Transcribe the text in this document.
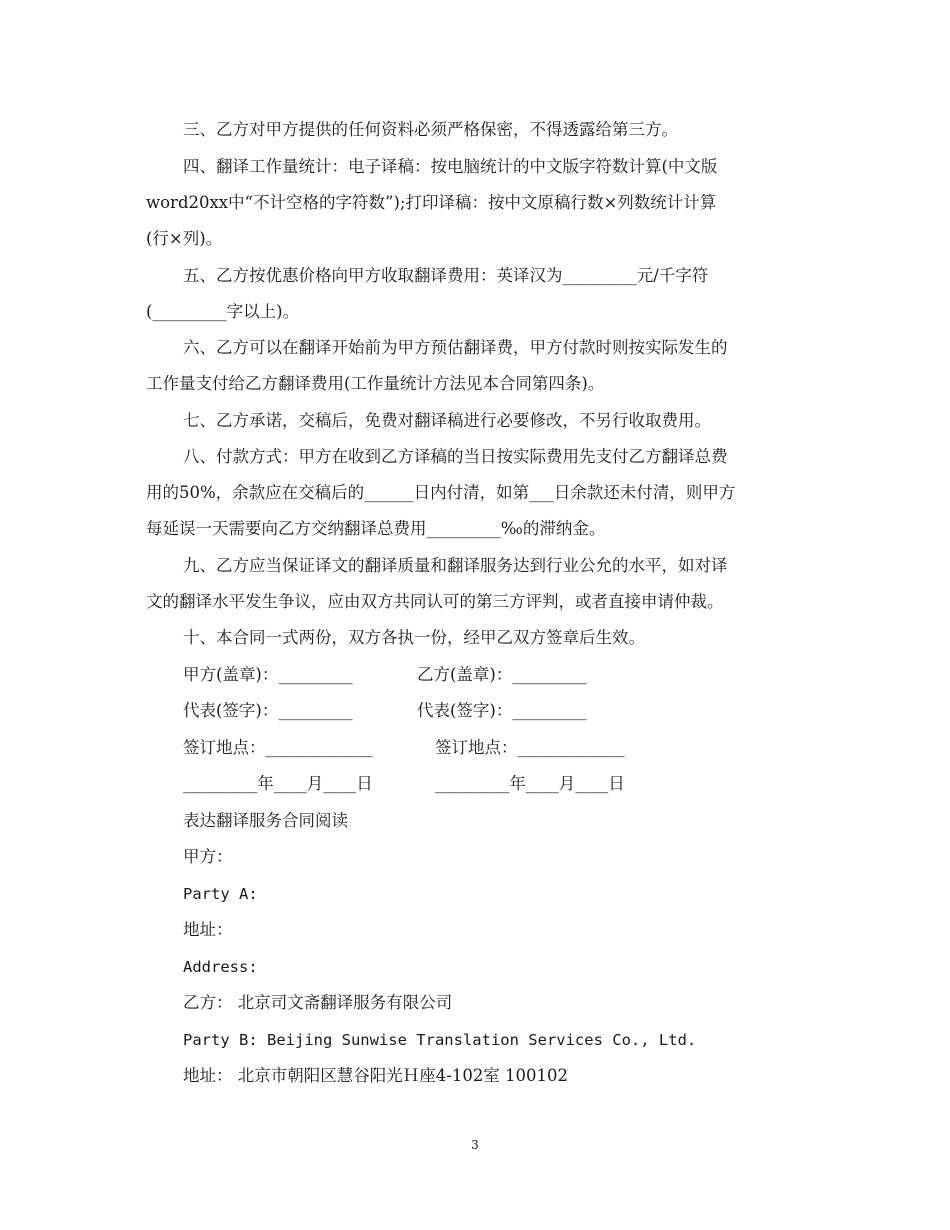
三、乙方对甲方提供的任何资料必须严格保密，不得透露给第三方。
四、翻译工作量统计：电子译稿：按电脑统计的中文版字符数计算(中文版
word20xx中“不计空格的字符数”);打印译稿：按中文原稿行数×列数统计计算
(行×列)。
五、乙方按优惠价格向甲方收取翻译费用：英译汉为_________元/千字符
(_________字以上)。
六、乙方可以在翻译开始前为甲方预估翻译费，甲方付款时则按实际发生的
工作量支付给乙方翻译费用(工作量统计方法见本合同第四条)。
七、乙方承诺，交稿后，免费对翻译稿进行必要修改，不另行收取费用。
八、付款方式：甲方在收到乙方译稿的当日按实际费用先支付乙方翻译总费
用的50%，余款应在交稿后的______日内付清，如第___日余款还未付清，则甲方
每延误一天需要向乙方交纳翻译总费用_________‰的滞纳金。
九、乙方应当保证译文的翻译质量和翻译服务达到行业公允的水平，如对译
文的翻译水平发生争议，应由双方共同认可的第三方评判，或者直接申请仲裁。
十、本合同一式两份，双方各执一份，经甲乙双方签章后生效。
甲方(盖章)：_________	乙方(盖章)：_________
代表(签字)：_________	代表(签字)：_________
签订地点：_____________	签订地点：_____________
_________年____月____日	_________年____月____日
表达翻译服务合同阅读
甲方：
Party A:
地址：
Address:
乙方： 北京司文斋翻译服务有限公司
Party B: Beijing Sunwise Translation Services Co., Ltd.
地址： 北京市朝阳区慧谷阳光Ｈ座4-102室 100102
3
